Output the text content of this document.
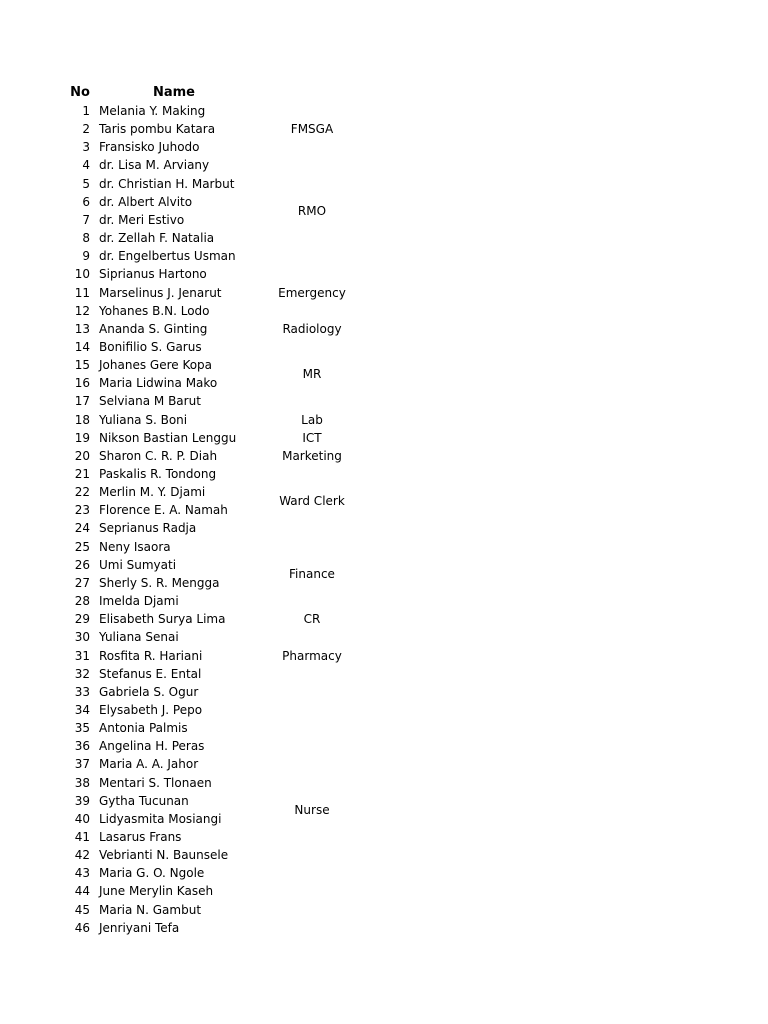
No	Name
1 Melania Y. Making
2 Taris pombu Katara
3 Fransisko Juhodo
4 dr. Lisa M. Arviany
5 dr. Christian H. Marbut
6 dr. Albert Alvito
7 dr. Meri Estivo
8 dr. Zellah F. Natalia
9 dr. Engelbertus Usman
10 Siprianus Hartono
11 Marselinus J. Jenarut
12 Yohanes B.N. Lodo
13 Ananda S. Ginting
14 Bonifilio S. Garus
15 Johanes Gere Kopa
16 Maria Lidwina Mako
17 Selviana M Barut
18 Yuliana S. Boni
19 Nikson Bastian Lenggu
20 Sharon C. R. P. Diah
21 Paskalis R. Tondong
22 Merlin M. Y. Djami
23 Florence E. A. Namah
24 Seprianus Radja
25 Neny Isaora
26 Umi Sumyati
27 Sherly S. R. Mengga
28 Imelda Djami
29 Elisabeth Surya Lima
30 Yuliana Senai
31 Rosfita R. Hariani
32 Stefanus E. Ental
33 Gabriela S. Ogur
34 Elysabeth J. Pepo
35 Antonia Palmis
36 Angelina H. Peras
37 Maria A. A. Jahor
38 Mentari S. Tlonaen
39 Gytha Tucunan
40 Lidyasmita Mosiangi
41 Lasarus Frans
42 Vebrianti N. Baunsele
43 Maria G. O. Ngole
44 June Merylin Kaseh
45 Maria N. Gambut
46 Jenriyani Tefa
FMSGA
RMO
Emergency
Radiology
MR
Lab
ICT
Marketing
Ward Clerk
Finance
CR
Pharmacy
Nurse
